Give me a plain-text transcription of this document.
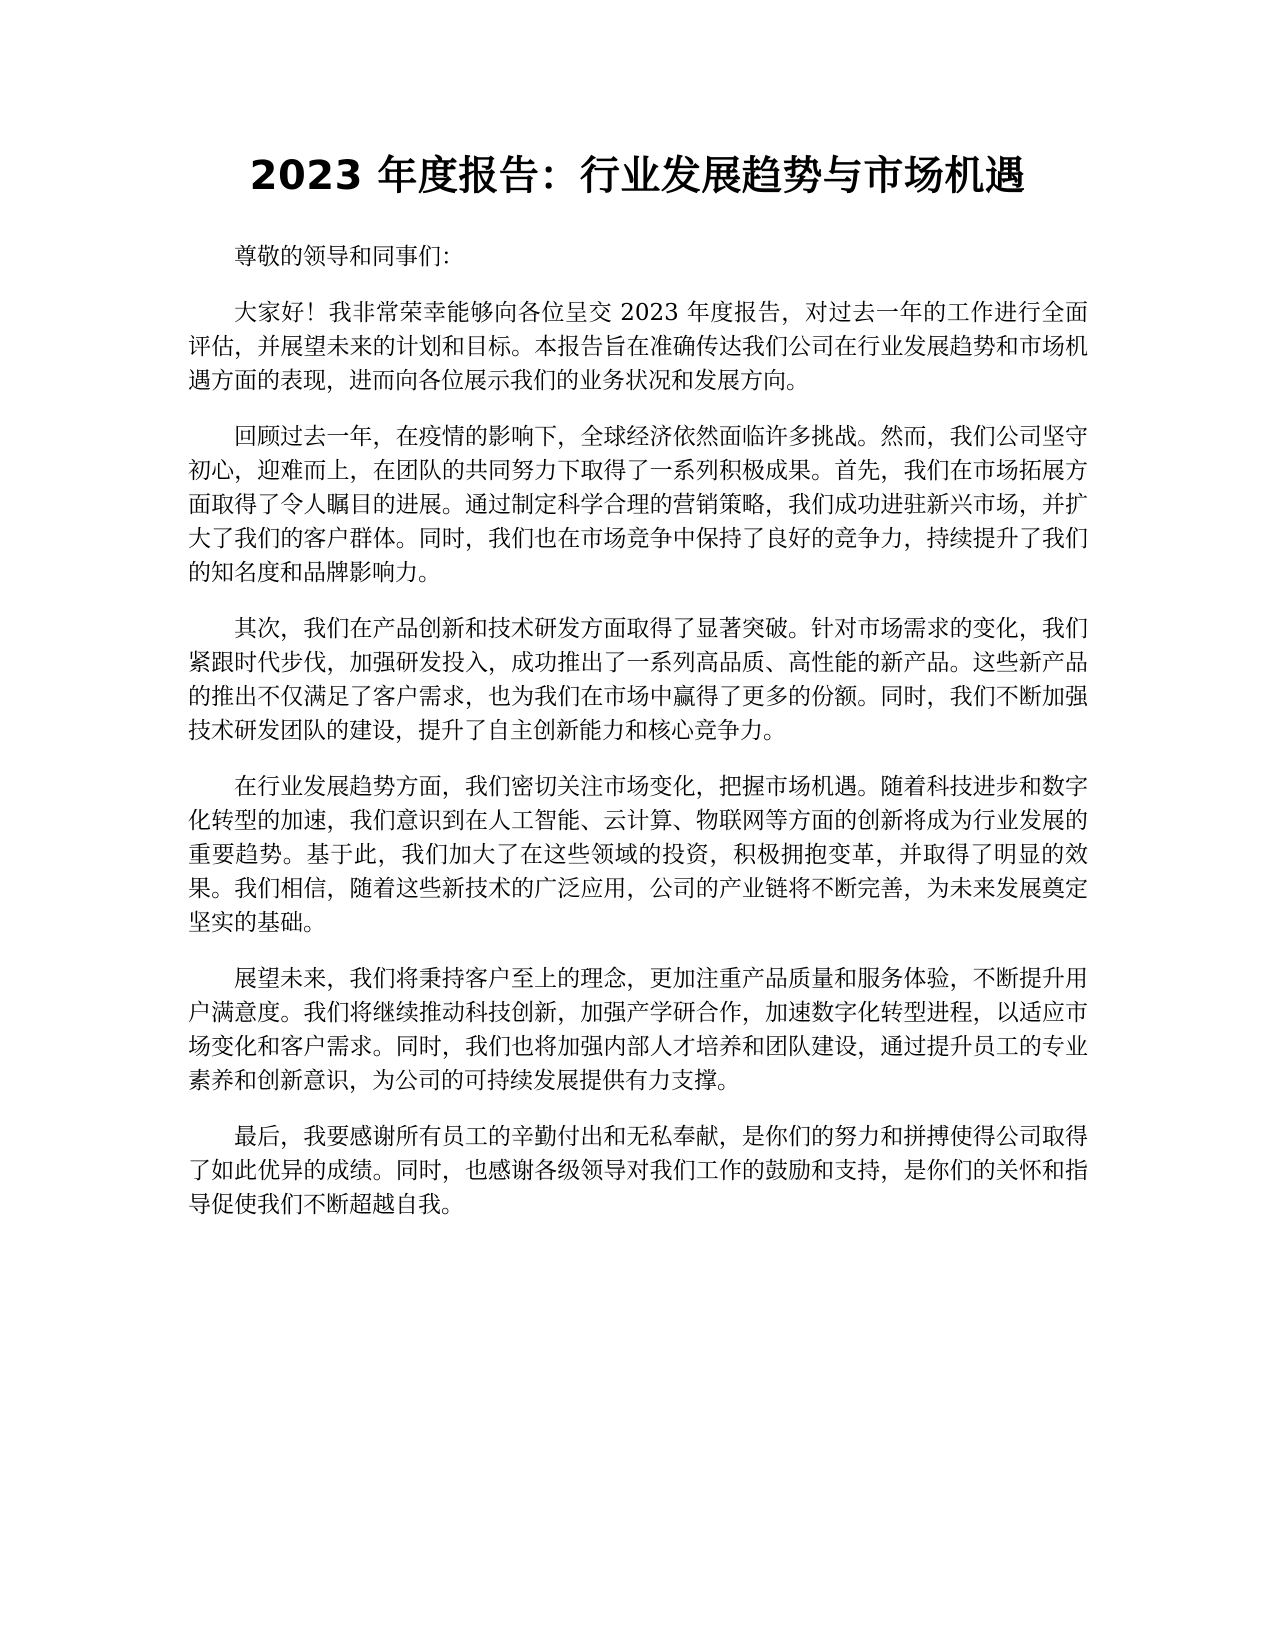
2023 年度报告：行业发展趋势与市场机遇

尊敬的领导和同事们：

大家好！我非常荣幸能够向各位呈交 2023 年度报告，对过去一年的工作进行全面评估，并展望未来的计划和目标。本报告旨在准确传达我们公司在行业发展趋势和市场机遇方面的表现，进而向各位展示我们的业务状况和发展方向。

回顾过去一年，在疫情的影响下，全球经济依然面临许多挑战。然而，我们公司坚守初心，迎难而上，在团队的共同努力下取得了一系列积极成果。首先，我们在市场拓展方面取得了令人瞩目的进展。通过制定科学合理的营销策略，我们成功进驻新兴市场，并扩大了我们的客户群体。同时，我们也在市场竞争中保持了良好的竞争力，持续提升了我们的知名度和品牌影响力。

其次，我们在产品创新和技术研发方面取得了显著突破。针对市场需求的变化，我们紧跟时代步伐，加强研发投入，成功推出了一系列高品质、高性能的新产品。这些新产品的推出不仅满足了客户需求，也为我们在市场中赢得了更多的份额。同时，我们不断加强技术研发团队的建设，提升了自主创新能力和核心竞争力。

在行业发展趋势方面，我们密切关注市场变化，把握市场机遇。随着科技进步和数字化转型的加速，我们意识到在人工智能、云计算、物联网等方面的创新将成为行业发展的重要趋势。基于此，我们加大了在这些领域的投资，积极拥抱变革，并取得了明显的效果。我们相信，随着这些新技术的广泛应用，公司的产业链将不断完善，为未来发展奠定坚实的基础。

展望未来，我们将秉持客户至上的理念，更加注重产品质量和服务体验，不断提升用户满意度。我们将继续推动科技创新，加强产学研合作，加速数字化转型进程，以适应市场变化和客户需求。同时，我们也将加强内部人才培养和团队建设，通过提升员工的专业素养和创新意识，为公司的可持续发展提供有力支撑。

最后，我要感谢所有员工的辛勤付出和无私奉献，是你们的努力和拼搏使得公司取得了如此优异的成绩。同时，也感谢各级领导对我们工作的鼓励和支持，是你们的关怀和指导促使我们不断超越自我。
